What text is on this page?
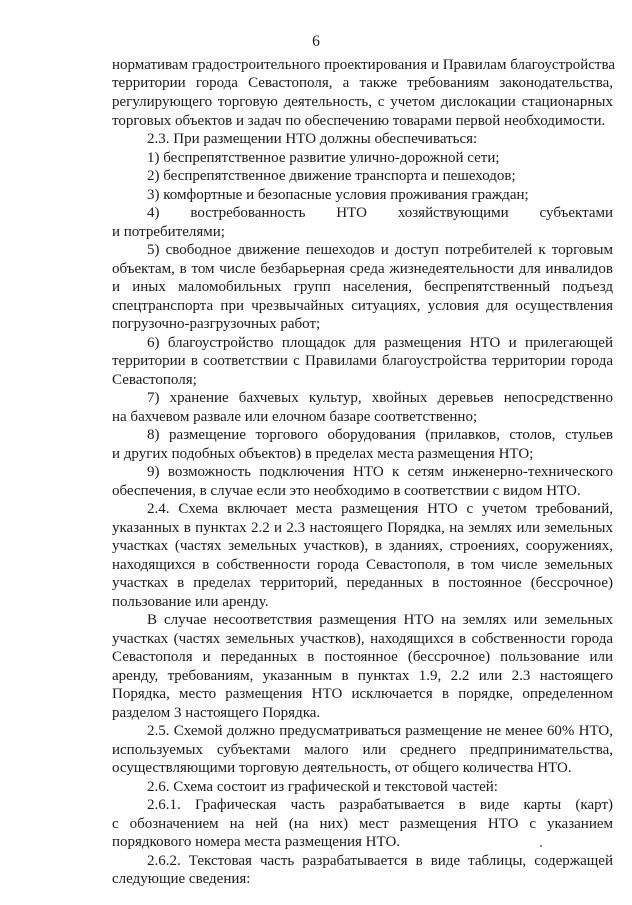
6
нормативам градостроительного проектирования и Правилам благоустройства
территории города Севастополя, а также требованиям законодательства,
регулирующего торговую деятельность, с учетом дислокации стационарных
торговых объектов и задач по обеспечению товарами первой необходимости.
2.3. При размещении НТО должны обеспечиваться:
1) беспрепятственное развитие улично-дорожной сети;
2) беспрепятственное движение транспорта и пешеходов;
3) комфортные и безопасные условия проживания граждан;
4) востребованность НТО хозяйствующими субъектами
и потребителями;
5) свободное движение пешеходов и доступ потребителей к торговым
объектам, в том числе безбарьерная среда жизнедеятельности для инвалидов
и иных маломобильных групп населения, беспрепятственный подъезд
спецтранспорта при чрезвычайных ситуациях, условия для осуществления
погрузочно-разгрузочных работ;
6) благоустройство площадок для размещения НТО и прилегающей
территории в соответствии с Правилами благоустройства территории города
Севастополя;
7) хранение бахчевых культур, хвойных деревьев непосредственно
на бахчевом развале или елочном базаре соответственно;
8) размещение торгового оборудования (прилавков, столов, стульев
и других подобных объектов) в пределах места размещения НТО;
9) возможность подключения НТО к сетям инженерно-технического
обеспечения, в случае если это необходимо в соответствии с видом НТО.
2.4. Схема включает места размещения НТО с учетом требований,
указанных в пунктах 2.2 и 2.3 настоящего Порядка, на землях или земельных
участках (частях земельных участков), в зданиях, строениях, сооружениях,
находящихся в собственности города Севастополя, в том числе земельных
участках в пределах территорий, переданных в постоянное (бессрочное)
пользование или аренду.
В случае несоответствия размещения НТО на землях или земельных
участках (частях земельных участков), находящихся в собственности города
Севастополя и переданных в постоянное (бессрочное) пользование или
аренду, требованиям, указанным в пунктах 1.9, 2.2 или 2.3 настоящего
Порядка, место размещения НТО исключается в порядке, определенном
разделом 3 настоящего Порядка.
2.5. Схемой должно предусматриваться размещение не менее 60% НТО,
используемых субъектами малого или среднего предпринимательства,
осуществляющими торговую деятельность, от общего количества НТО.
2.6. Схема состоит из графической и текстовой частей:
2.6.1. Графическая часть разрабатывается в виде карты (карт)
с обозначением на ней (на них) мест размещения НТО с указанием
порядкового номера места размещения НТО.
2.6.2. Текстовая часть разрабатывается в виде таблицы, содержащей
следующие сведения:
